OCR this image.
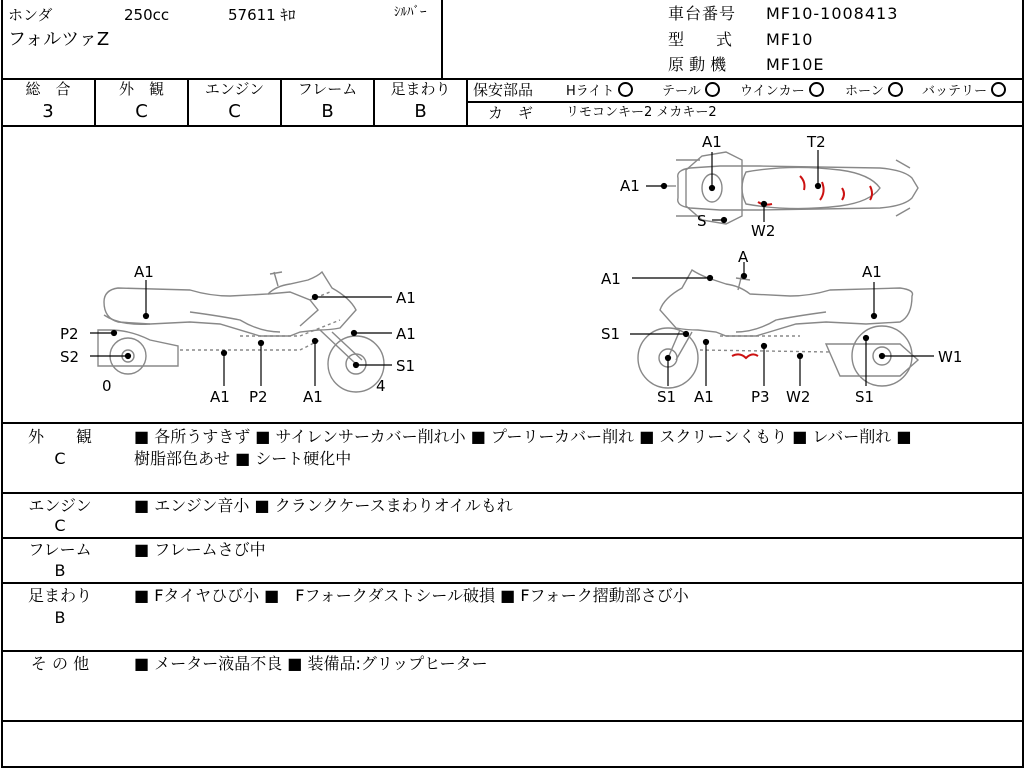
ホンダ	250cc	57611 ｷﾛ	ｼﾙﾊﾞｰ
フォルツァZ
車台番号 MF10-1008413
型　　式 MF10
原 動 機 MF10E
総　合	外　観	エンジン	フレーム	足まわり
3	C	C	B	B
保安部品	Hライト	テール	ウインカー	ホーン	バッテリー
カ　ギ	リモコンキー2 メカキー2
A1
A1
A1
P2
S2	S1
0	4
A1 P2 A1
A1
A
A1
S1
W1
S1 A1 P3 W2	S1
A1	T2
A1
S
W2
外　　観
C
■ 各所うすきず ■ サイレンサーカバー削れ小 ■ プーリーカバー削れ ■ スクリーンくもり ■ レバー削れ ■
樹脂部色あせ ■ シート硬化中
エンジン
C
■ エンジン音小 ■ クランクケースまわりオイルもれ
フレーム
B
■ フレームさび中
足まわり
B
■ Fタイヤひび小 ■　Fフォークダストシール破損 ■ Fフォーク摺動部さび小
そ の 他	■ メーター液晶不良 ■ 装備品:グリップヒーター
